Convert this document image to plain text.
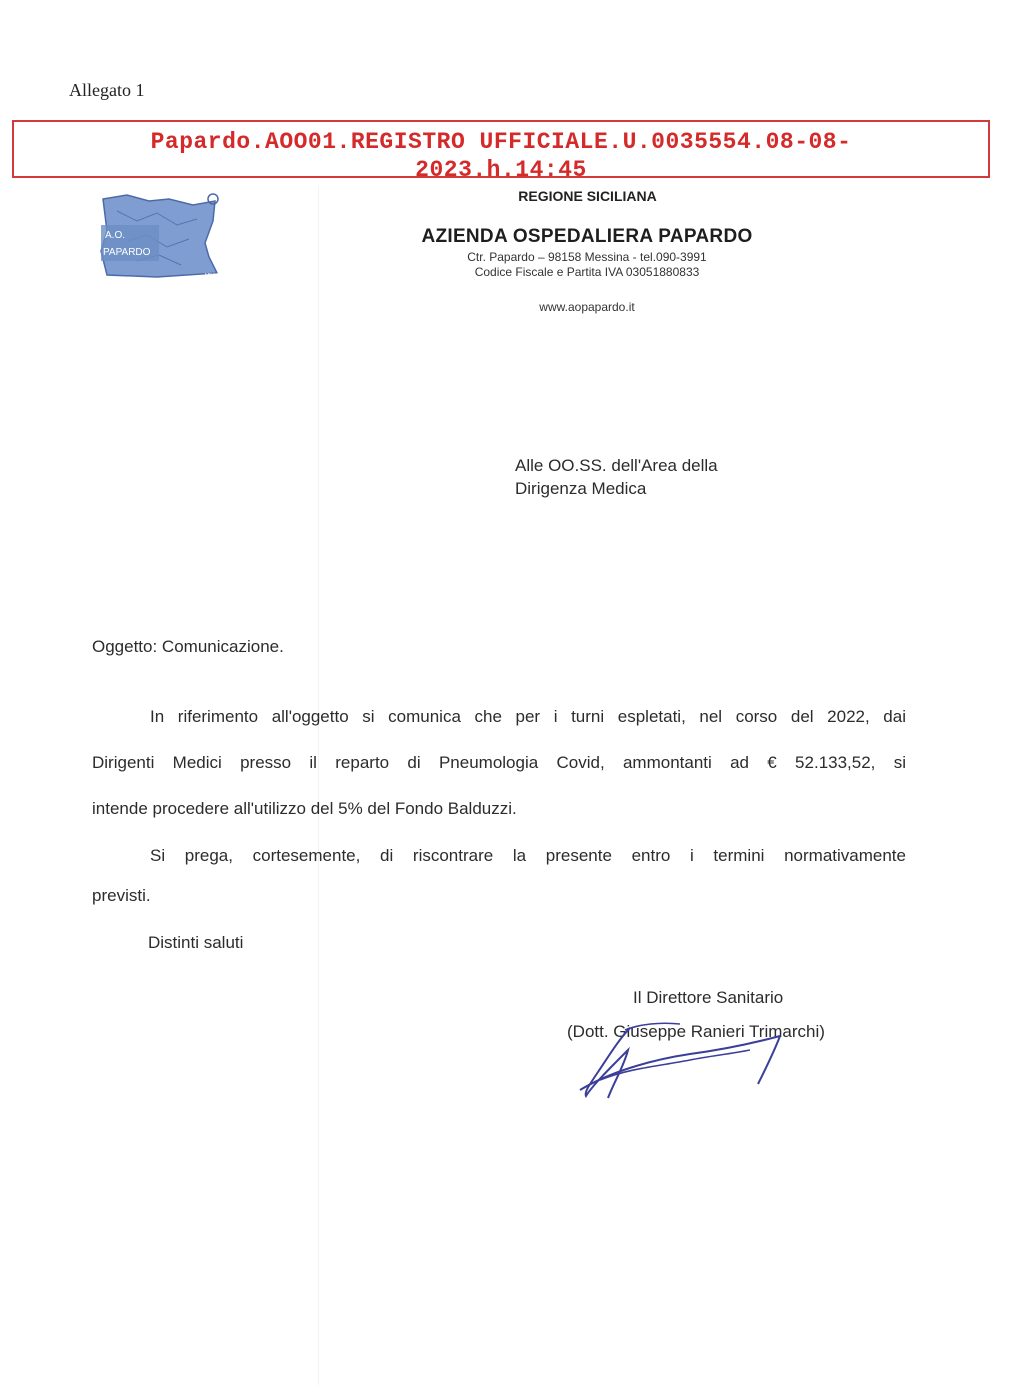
Allegato 1
Papardo.AOO01.REGISTRO UFFICIALE.U.0035554.08-08-
2023.h.14:45
A.O.
PAPARDO
MESSINA
REGIONE SICILIANA
AZIENDA OSPEDALIERA PAPARDO
Ctr. Papardo – 98158 Messina - tel.090-3991
Codice Fiscale e Partita IVA 03051880833
www.aopapardo.it
Alle OO.SS. dell'Area della
Dirigenza Medica
Oggetto: Comunicazione.
In riferimento all'oggetto si comunica che per i turni espletati, nel corso del 2022, dai
Dirigenti Medici presso il reparto di Pneumologia Covid, ammontanti ad € 52.133,52, si
intende procedere all'utilizzo del 5% del Fondo Balduzzi.
Si prega, cortesemente, di riscontrare la presente entro i termini normativamente
previsti.
Distinti saluti
Il Direttore Sanitario
(Dott. Giuseppe Ranieri Trimarchi)
